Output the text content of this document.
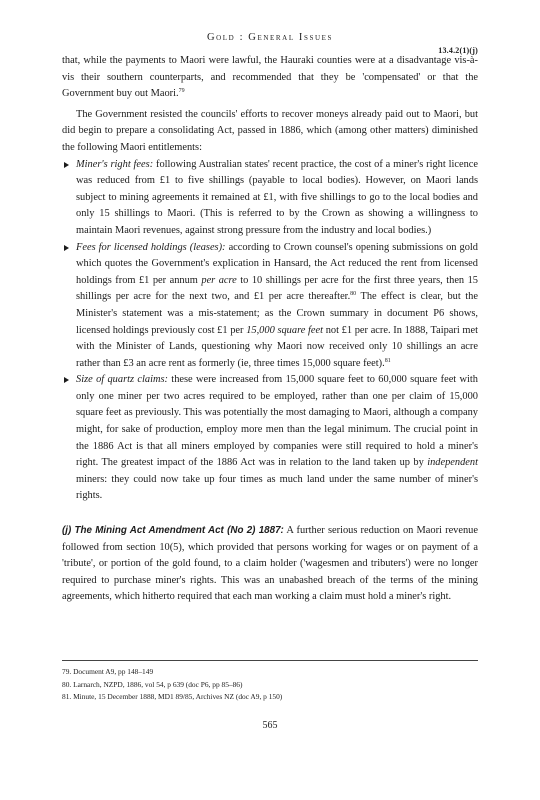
Gold : General Issues
13.4.2(1)(j)

that, while the payments to Maori were lawful, the Hauraki counties were at a disadvantage vis-à-vis their southern counterparts, and recommended that they be 'compensated' or that the Government buy out Maori.$^{79}$

The Government resisted the councils' efforts to recover moneys already paid out to Maori, but did begin to prepare a consolidating Act, passed in 1886, which (among other matters) diminished the following Maori entitlements:

Miner's right fees: following Australian states' recent practice, the cost of a miner's right licence was reduced from £1 to five shillings (payable to local bodies). However, on Maori lands subject to mining agreements it remained at £1, with five shillings to go to the local bodies and only 15 shillings to Maori. (This is referred to by the Crown as showing a willingness to maintain Maori revenues, against strong pressure from the industry and local bodies.)
Fees for licensed holdings (leases): according to Crown counsel's opening submissions on gold which quotes the Government's explication in Hansard, the Act reduced the rent from licensed holdings from £1 per annum per acre to 10 shillings per acre for the first three years, then 15 shillings per acre for the next two, and £1 per acre thereafter.$^{80}$ The effect is clear, but the Minister's statement was a mis-statement; as the Crown summary in document P6 shows, licensed holdings previously cost £1 per 15,000 square feet not £1 per acre. In 1888, Taipari met with the Minister of Lands, questioning why Maori now received only 10 shillings an acre rather than £3 an acre rent as formerly (ie, three times 15,000 square feet).$^{81}$
Size of quartz claims: these were increased from 15,000 square feet to 60,000 square feet with only one miner per two acres required to be employed, rather than one per claim of 15,000 square feet as previously. This was potentially the most damaging to Maori, although a company might, for sake of production, employ more men than the legal minimum. The crucial point in the 1886 Act is that all miners employed by companies were still required to hold a miner's right. The greatest impact of the 1886 Act was in relation to the land taken up by independent miners: they could now take up four times as much land under the same number of miner's rights.

(j) The Mining Act Amendment Act (No 2) 1887: A further serious reduction on Maori revenue followed from section 10(5), which provided that persons working for wages or on payment of a 'tribute', or portion of the gold found, to a claim holder ('wagesmen and tributers') were no longer required to purchase miner's rights. This was an unabashed breach of the terms of the mining agreements, which hitherto required that each man working a claim must hold a miner's right.

79. Document A9, pp 148–149
80. Larnarch, NZPD, 1886, vol 54, p 639 (doc P6, pp 85–86)
81. Minute, 15 December 1888, MD1 89/85, Archives NZ (doc A9, p 150)
565
